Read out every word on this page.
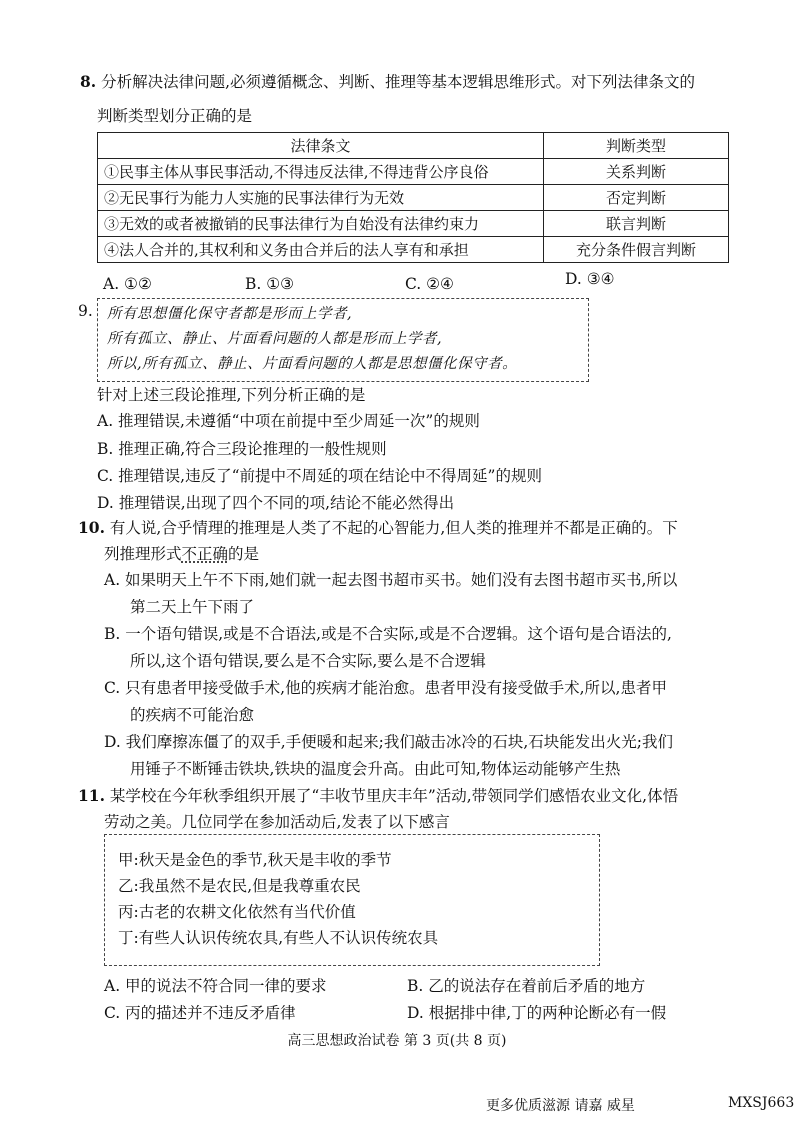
8. 分析解决法律问题,必须遵循概念、判断、推理等基本逻辑思维形式。对下列法律条文的
判断类型划分正确的是
法律条文	判断类型
①民事主体从事民事活动,不得违反法律,不得违背公序良俗	关系判断
②无民事行为能力人实施的民事法律行为无效	否定判断
③无效的或者被撤销的民事法律行为自始没有法律约束力	联言判断
④法人合并的,其权利和义务由合并后的法人享有和承担	充分条件假言判断
A. ①②	B. ①③	C. ②④	D. ③④
9. 所有思想僵化保守者都是形而上学者,
所有孤立、静止、片面看问题的人都是形而上学者,
所以,所有孤立、静止、片面看问题的人都是思想僵化保守者。
针对上述三段论推理,下列分析正确的是
A. 推理错误,未遵循“中项在前提中至少周延一次”的规则
B. 推理正确,符合三段论推理的一般性规则
C. 推理错误,违反了“前提中不周延的项在结论中不得周延”的规则
D. 推理错误,出现了四个不同的项,结论不能必然得出
10. 有人说,合乎情理的推理是人类了不起的心智能力,但人类的推理并不都是正确的。下
列推理形式不正确的是
A. 如果明天上午不下雨,她们就一起去图书超市买书。她们没有去图书超市买书,所以
第二天上午下雨了
B. 一个语句错误,或是不合语法,或是不合实际,或是不合逻辑。这个语句是合语法的,
所以,这个语句错误,要么是不合实际,要么是不合逻辑
C. 只有患者甲接受做手术,他的疾病才能治愈。患者甲没有接受做手术,所以,患者甲
的疾病不可能治愈
D. 我们摩擦冻僵了的双手,手便暖和起来;我们敲击冰冷的石块,石块能发出火光;我们
用锤子不断锤击铁块,铁块的温度会升高。由此可知,物体运动能够产生热
11. 某学校在今年秋季组织开展了“丰收节里庆丰年”活动,带领同学们感悟农业文化,体悟
劳动之美。几位同学在参加活动后,发表了以下感言
甲:秋天是金色的季节,秋天是丰收的季节
乙:我虽然不是农民,但是我尊重农民
丙:古老的农耕文化依然有当代价值
丁:有些人认识传统农具,有些人不认识传统农具
A. 甲的说法不符合同一律的要求	B. 乙的说法存在着前后矛盾的地方
C. 丙的描述并不违反矛盾律	D. 根据排中律,丁的两种论断必有一假
高三思想政治试卷 第 3 页(共 8 页)
更多优质滋源 请嘉 威星	MXSJ663
